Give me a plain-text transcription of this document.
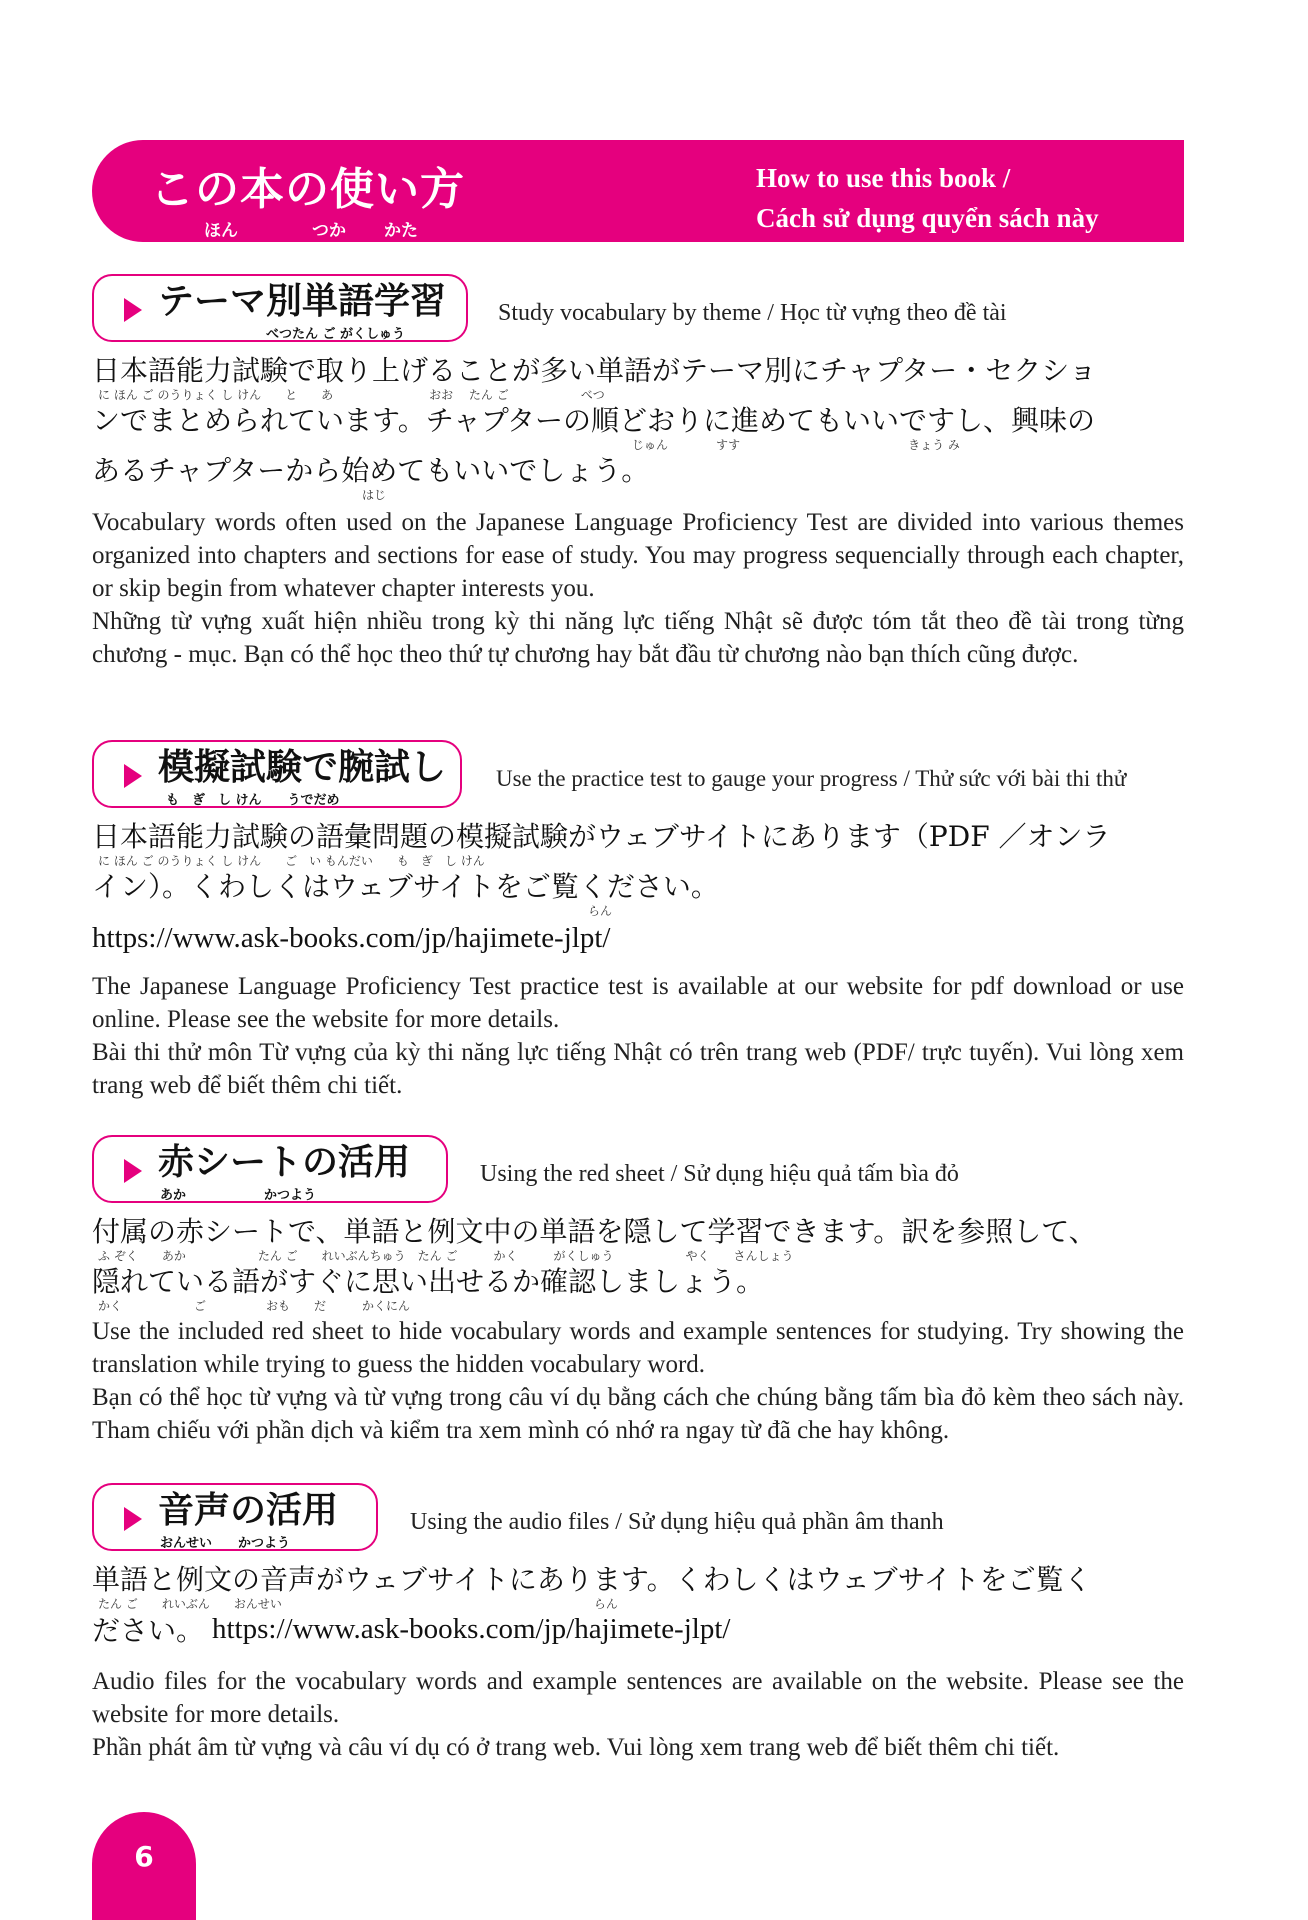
この本の使い方
ほん	つか かた
How to use this book /
Cách sử dụng quyển sách này
テーマ別単語学習
べつたん ご がくしゅう
Study vocabulary by theme / Học từ vựng theo đề tài
日本語能力試験で取り上げることが多い単語がテーマ別にチャプター・セクショ
に ほん ご のうりょく し けん　　と　　あ　　　　　　　　おお　 たん ご　　　　　　べつ
ンでまとめられています。チャプターの順どおりに進めてもいいですし、興味の
じゅん　　　　すす　　　　　　　　　　　　　　きょう み
あるチャプターから始めてもいいでしょう。
はじ

Vocabulary words often used on the Japanese Language Proficiency Test are divided into various themes organized into chapters and sections for ease of study. You may progress sequencially through each chapter, or skip begin from whatever chapter interests you.

Những từ vựng xuất hiện nhiều trong kỳ thi năng lực tiếng Nhật sẽ được tóm tắt theo đề tài trong từng chương - mục. Bạn có thể học theo thứ tự chương hay bắt đầu từ chương nào bạn thích cũng được.

模擬試験で腕試し
も　ぎ　し けん　　うでだめ
Use the practice test to gauge your progress / Thử sức với bài thi thử
日本語能力試験の語彙問題の模擬試験がウェブサイトにあります（PDF ／オンラ
に ほん ご のうりょく し けん　　ご　い もんだい　　も　ぎ　し けん
イン）。くわしくはウェブサイトをご覧ください。
らん
https://www.ask-books.com/jp/hajimete-jlpt/

The Japanese Language Proficiency Test practice test is available at our website for pdf download or use online. Please see the website for more details.

Bài thi thử môn Từ vựng của kỳ thi năng lực tiếng Nhật có trên trang web (PDF/ trực tuyến). Vui lòng xem trang web để biết thêm chi tiết.

赤シートの活用
あか　　　　　　かつよう
Using the red sheet / Sử dụng hiệu quả tấm bìa đỏ
付属の赤シートで、単語と例文中の単語を隠して学習できます。訳を参照して、
ふ ぞく　　あか　　　　　　たん ご　　れいぶんちゅう　たん ご　　　かく　　　がくしゅう　　　　　　やく　　さんしょう
隠れている語がすぐに思い出せるか確認しましょう。
かく　　　　　　ご　　　　　おも　　だ　　　かくにん

Use the included red sheet to hide vocabulary words and example sentences for studying. Try showing the translation while trying to guess the hidden vocabulary word.

Bạn có thể học từ vựng và từ vựng trong câu ví dụ bằng cách che chúng bằng tấm bìa đỏ kèm theo sách này. Tham chiếu với phần dịch và kiểm tra xem mình có nhớ ra ngay từ đã che hay không.

音声の活用
おんせい　　かつよう
Using the audio files / Sử dụng hiệu quả phần âm thanh
単語と例文の音声がウェブサイトにあります。くわしくはウェブサイトをご覧く
たん ご　　れいぶん　　おんせい　　　　　　　　　　　　　　　　　　　　　　　　　　らん
ださい。 https://www.ask-books.com/jp/hajimete-jlpt/

Audio files for the vocabulary words and example sentences are available on the website. Please see the website for more details.

Phần phát âm từ vựng và câu ví dụ có ở trang web. Vui lòng xem trang web để biết thêm chi tiết.

6
